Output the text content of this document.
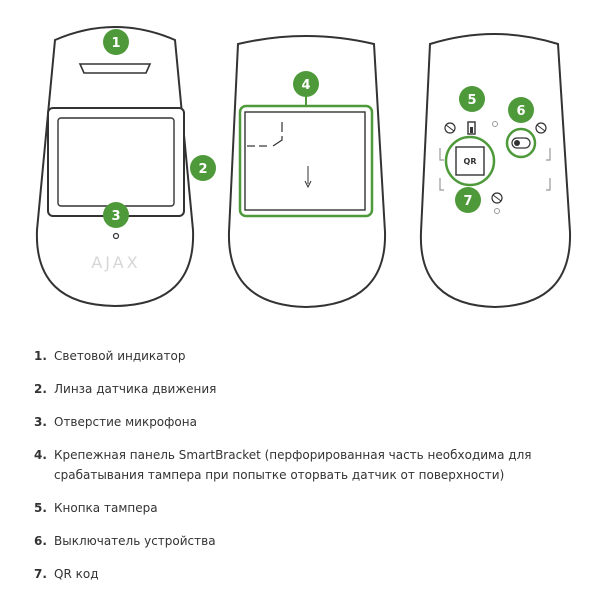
AJAX
QR
1
2
3
4
5
6
7
1. Световой индикатор
2. Линза датчика движения
3. Отверстие микрофона
4. Крепежная панель SmartBracket (перфорированная часть необходима для срабатывания тампера при попытке оторвать датчик от поверхности)
5. Кнопка тампера
6. Выключатель устройства
7. QR код
